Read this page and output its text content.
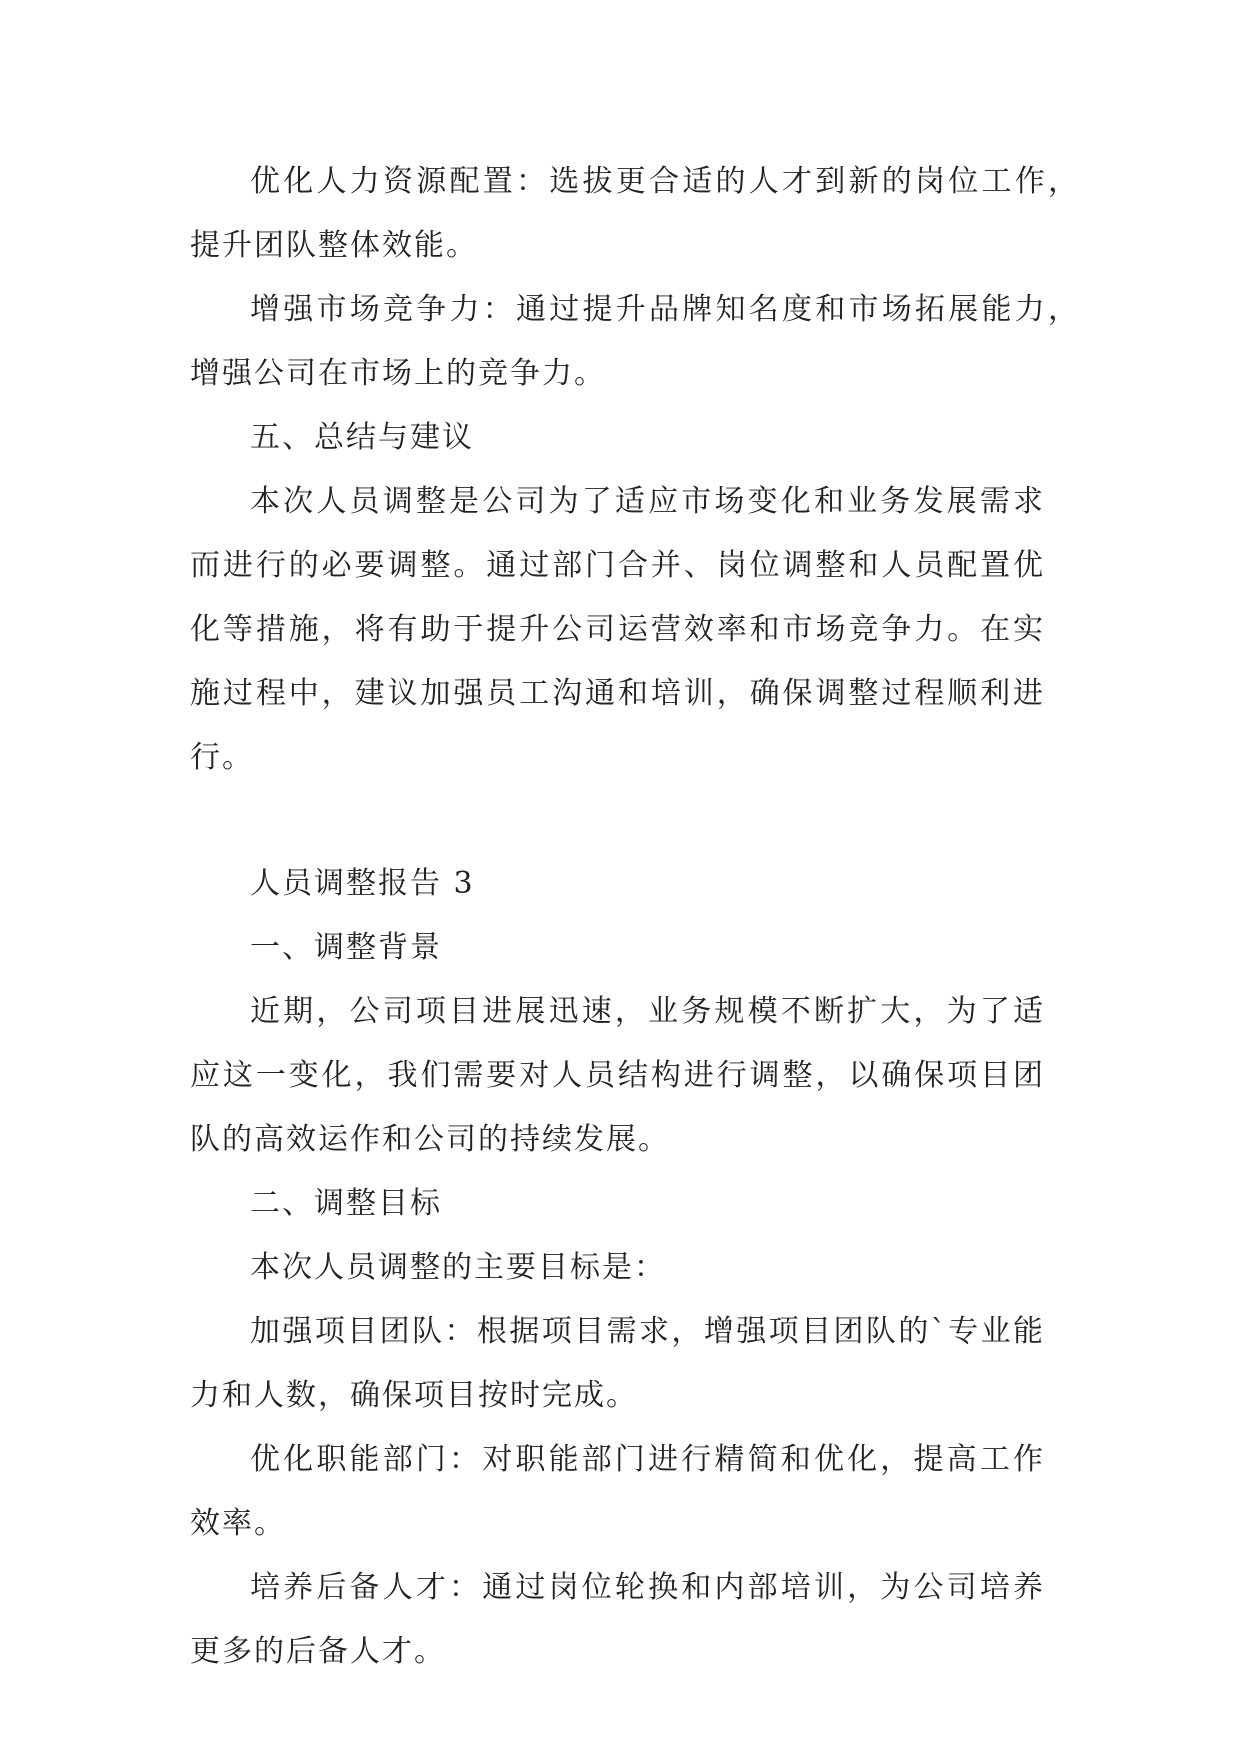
优化人力资源配置：选拔更合适的人才到新的岗位工作，提升团队整体效能。

增强市场竞争力：通过提升品牌知名度和市场拓展能力，增强公司在市场上的竞争力。

五、总结与建议

本次人员调整是公司为了适应市场变化和业务发展需求而进行的必要调整。通过部门合并、岗位调整和人员配置优化等措施，将有助于提升公司运营效率和市场竞争力。在实施过程中，建议加强员工沟通和培训，确保调整过程顺利进行。

人员调整报告 3

一、调整背景

近期，公司项目进展迅速，业务规模不断扩大，为了适应这一变化，我们需要对人员结构进行调整，以确保项目团队的高效运作和公司的持续发展。

二、调整目标

本次人员调整的主要目标是：

加强项目团队：根据项目需求，增强项目团队的`专业能力和人数，确保项目按时完成。

优化职能部门：对职能部门进行精简和优化，提高工作效率。

培养后备人才：通过岗位轮换和内部培训，为公司培养更多的后备人才。
